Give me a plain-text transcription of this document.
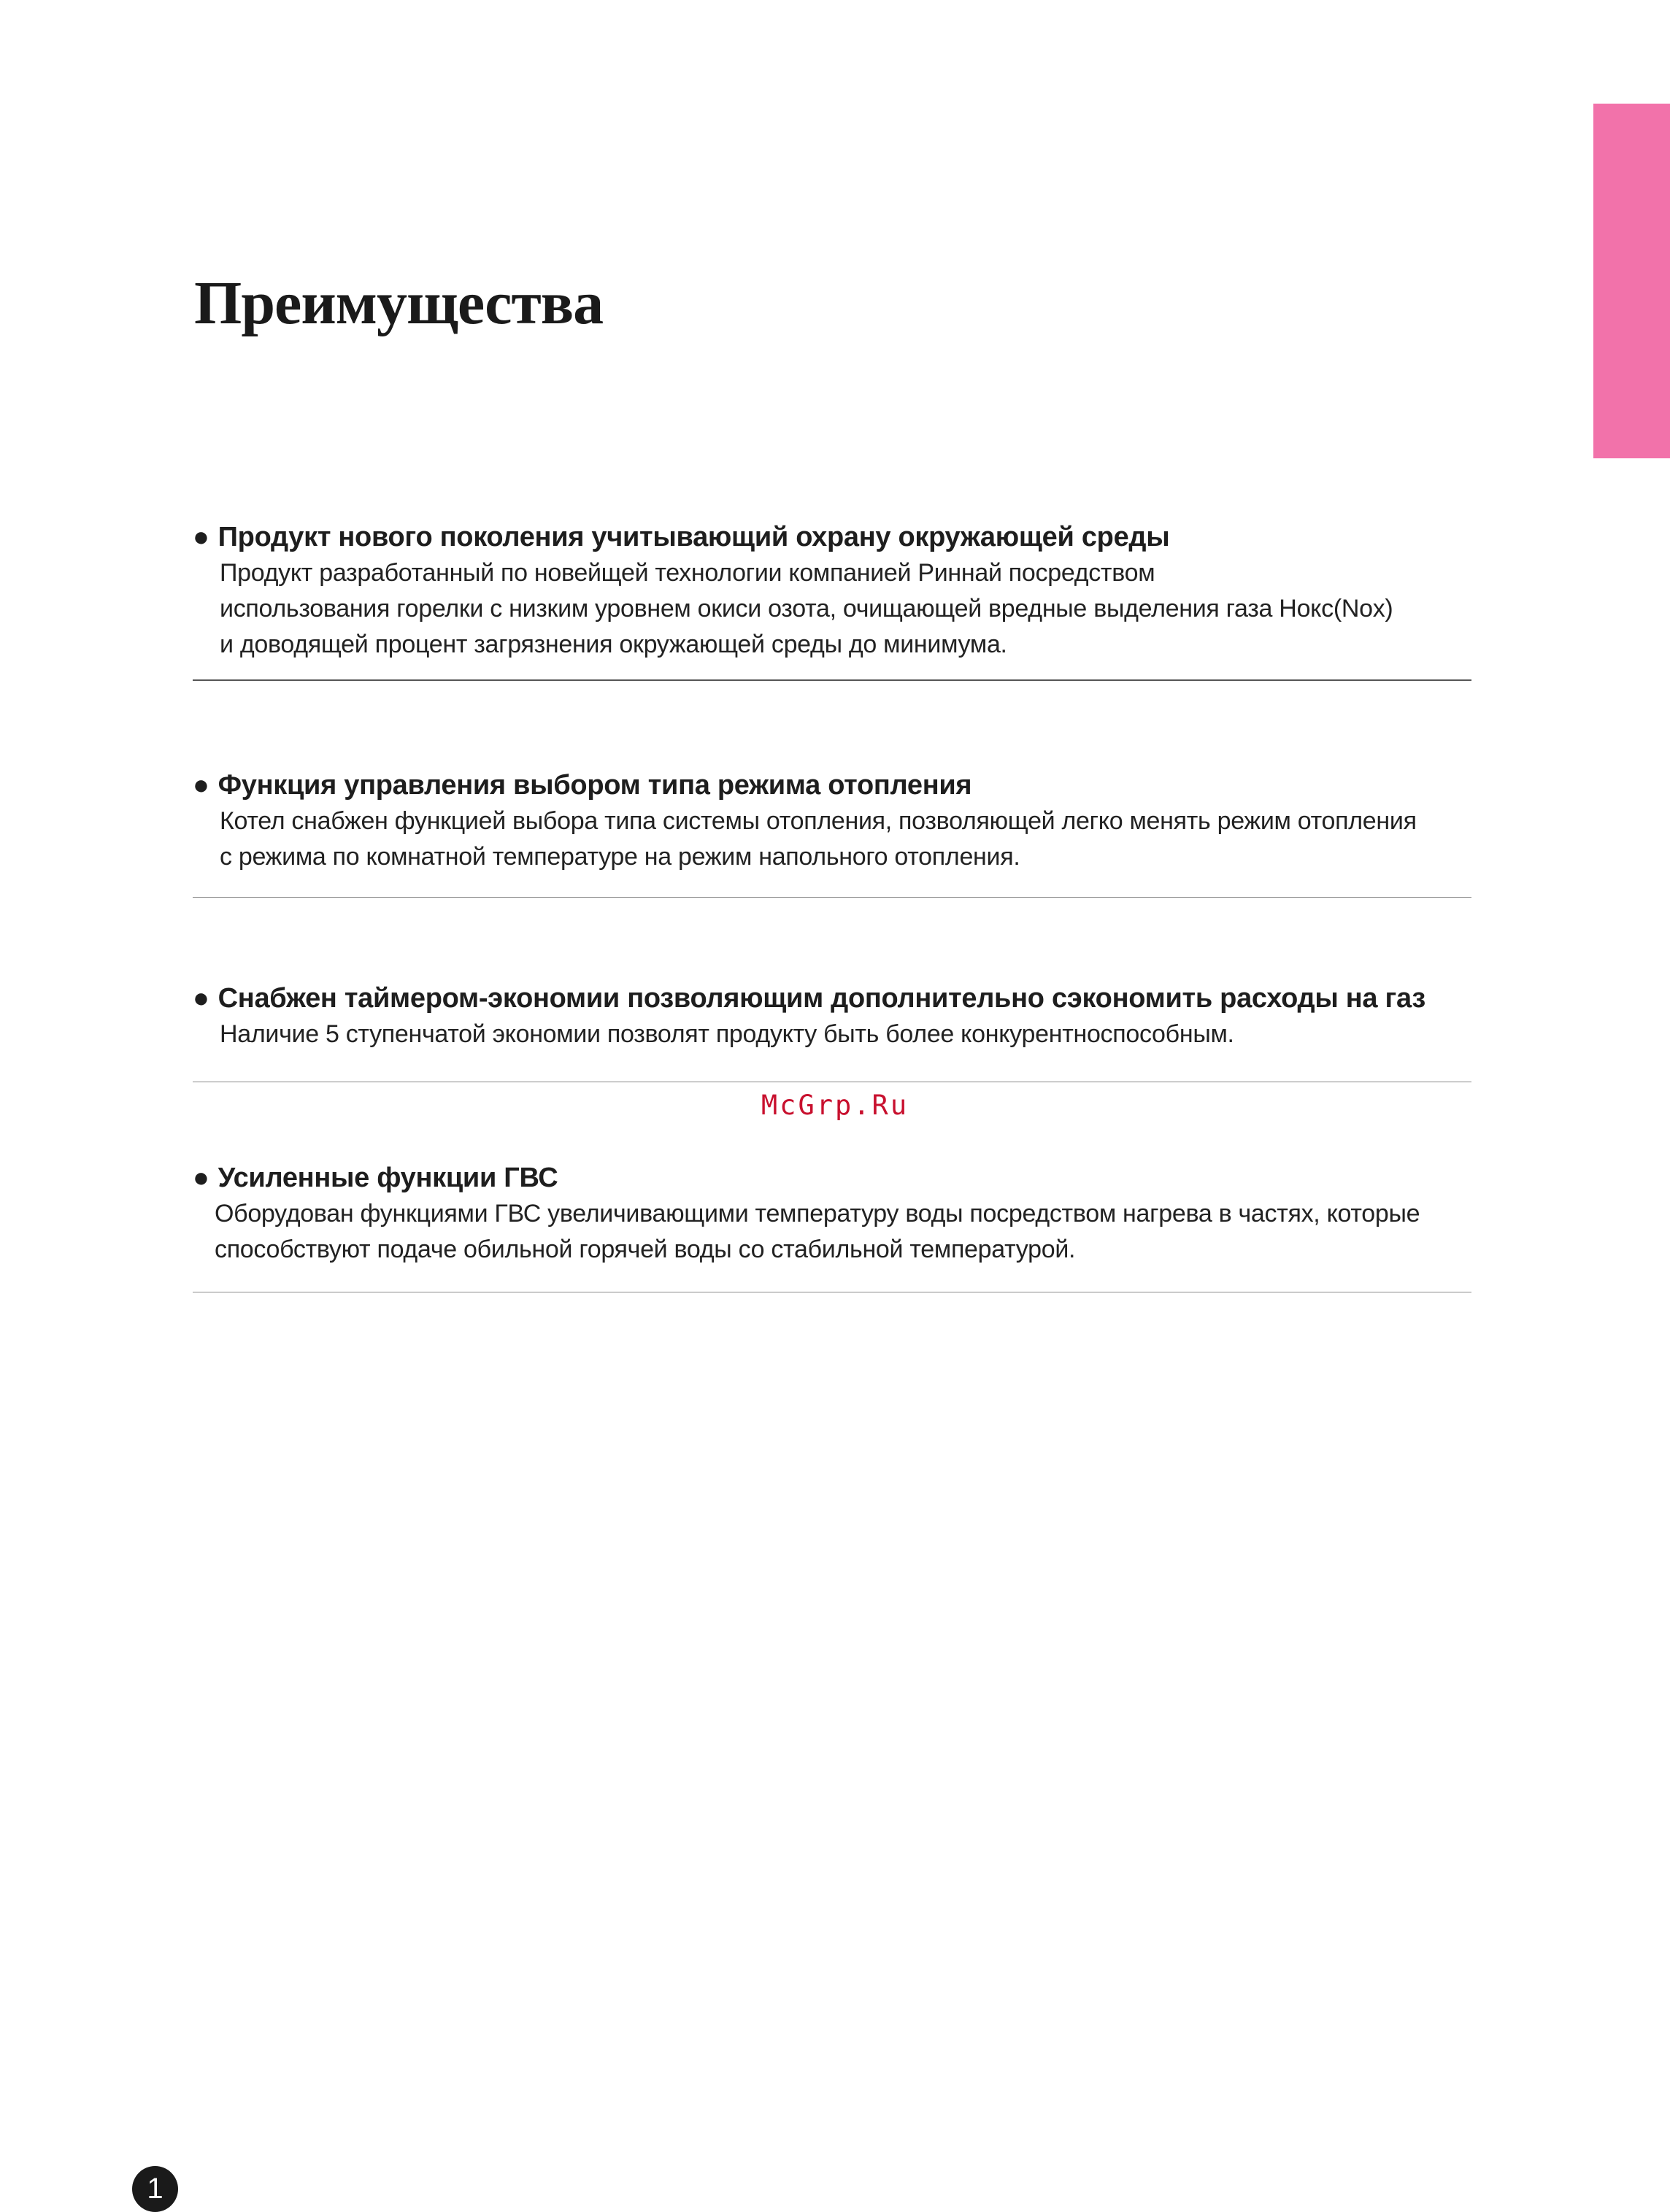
Преимущества
● Продукт нового поколения учитывающий охрану окружающей среды
Продукт разработанный по новейщей технологии компанией Риннай посредством
использования горелки с низким уровнем окиси озота, очищающей вредные выделения газа Нокс(Nox)
и доводящей процент загрязнения окружающей среды до минимума.
● Функция управления выбором типа режима отопления
Котел снабжен функцией выбора типа системы отопления, позволяющей легко менять режим отопления
с режима по комнатной температуре на режим напольного отопления.
● Снабжен таймером-экономии позволяющим дополнительно сэкономить расходы на газ
Наличие 5 ступенчатой экономии позволят продукту быть более конкурентноспособным.
McGrp.Ru
● Усиленные функции ГВС
Оборудован функциями ГВС увеличивающими температуру воды посредством нагрева в частях, которые
способствуют подаче обильной горячей воды со стабильной температурой.
1
